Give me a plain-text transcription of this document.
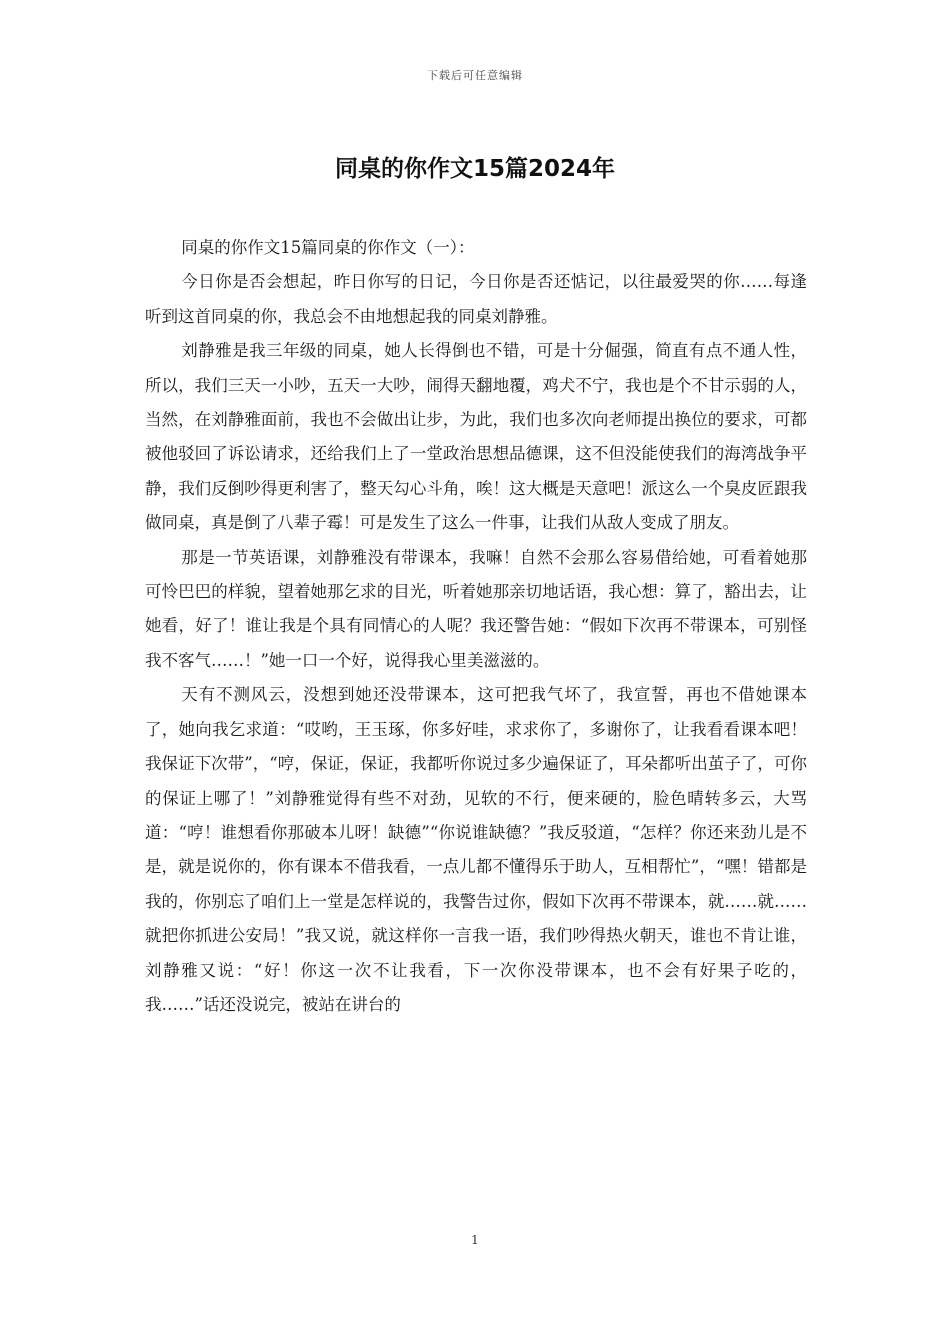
下载后可任意编辑
同桌的你作文15篇2024年

同桌的你作文15篇同桌的你作文（一）：

今日你是否会想起，昨日你写的日记，今日你是否还惦记，以往最爱哭的你……每逢听到这首同桌的你，我总会不由地想起我的同桌刘静雅。

刘静雅是我三年级的同桌，她人长得倒也不错，可是十分倔强，简直有点不通人性，所以，我们三天一小吵，五天一大吵，闹得天翻地覆，鸡犬不宁，我也是个不甘示弱的人，当然，在刘静雅面前，我也不会做出让步，为此，我们也多次向老师提出换位的要求，可都被他驳回了诉讼请求，还给我们上了一堂政治思想品德课，这不但没能使我们的海湾战争平静，我们反倒吵得更利害了，整天勾心斗角，唉！这大概是天意吧！派这么一个臭皮匠跟我做同桌，真是倒了八辈子霉！可是发生了这么一件事，让我们从敌人变成了朋友。

那是一节英语课，刘静雅没有带课本，我嘛！自然不会那么容易借给她，可看着她那可怜巴巴的样貌，望着她那乞求的目光，听着她那亲切地话语，我心想：算了，豁出去，让她看，好了！谁让我是个具有同情心的人呢？我还警告她：“假如下次再不带课本，可别怪我不客气……！”她一口一个好，说得我心里美滋滋的。

天有不测风云，没想到她还没带课本，这可把我气坏了，我宣誓，再也不借她课本了，她向我乞求道：“哎哟，王玉琢，你多好哇，求求你了，多谢你了，让我看看课本吧！我保证下次带”，“哼，保证，保证，我都听你说过多少遍保证了，耳朵都听出茧子了，可你的保证上哪了！”刘静雅觉得有些不对劲，见软的不行，便来硬的，脸色晴转多云，大骂道：“哼！谁想看你那破本儿呀！缺德”“你说谁缺德？”我反驳道，“怎样？你还来劲儿是不是，就是说你的，你有课本不借我看，一点儿都不懂得乐于助人，互相帮忙”，“嘿！错都是我的，你别忘了咱们上一堂是怎样说的，我警告过你，假如下次再不带课本，就……就……就把你抓进公安局！”我又说，就这样你一言我一语，我们吵得热火朝天，谁也不肯让谁，刘静雅又说：“好！你这一次不让我看，下一次你没带课本，也不会有好果子吃的，我……”话还没说完，被站在讲台的

1
